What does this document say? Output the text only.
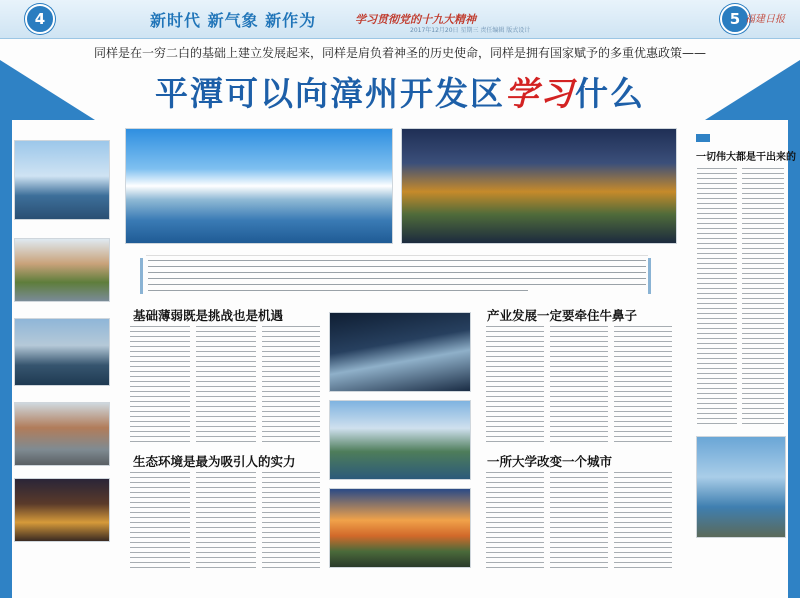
4	新时代 新气象 新作为	学习贯彻党的十九大精神
2017年12月20日 星期三 责任编辑 版式设计
5 福建日报
同样是在一穷二白的基础上建立发展起来，同样是肩负着神圣的历史使命，同样是拥有国家赋予的多重优惠政策——
平潭可以向漳州开发区学习什么
基础薄弱既是挑战也是机遇
生态环境是最为吸引人的实力
产业发展一定要牵住牛鼻子
一所大学改变一个城市
一切伟大都是干出来的
